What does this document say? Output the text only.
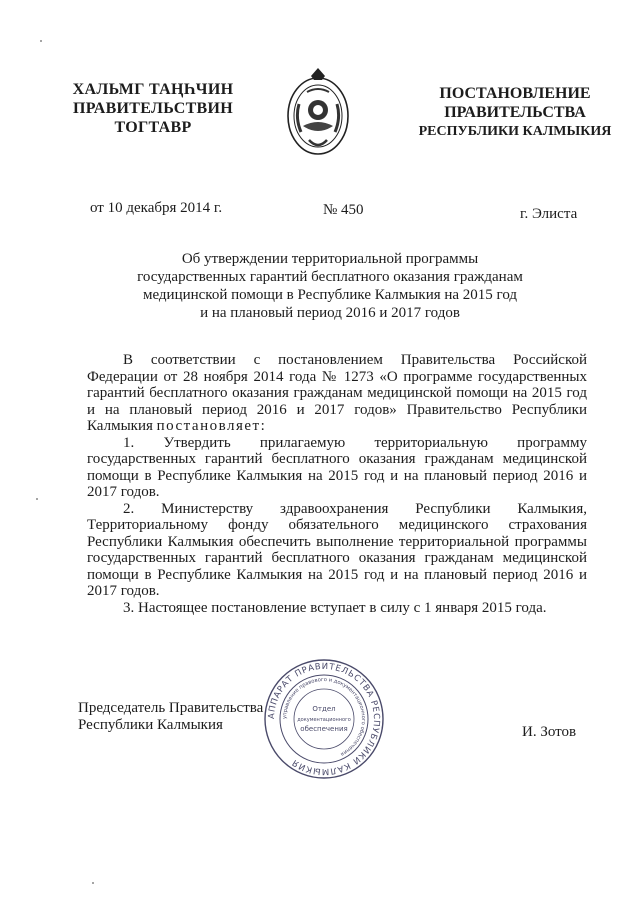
ХАЛЬМГ ТАҢҺЧИН
ПРАВИТЕЛЬСТВИН
ТОГТАВР
ПОСТАНОВЛЕНИЕ
ПРАВИТЕЛЬСТВА
РЕСПУБЛИКИ КАЛМЫКИЯ
от 10 декабря 2014 г.	№ 450	г. Элиста
Об утверждении территориальной программы
государственных гарантий бесплатного оказания гражданам
медицинской помощи в Республике Калмыкия на 2015 год
и на плановый период 2016 и 2017 годов

В соответствии с постановлением Правительства Российской Федерации от 28 ноября 2014 года № 1273 «О программе государственных гарантий бесплатного оказания гражданам медицинской помощи на 2015 год и на плановый период 2016 и 2017 годов» Правительство Республики Калмыкия постановляет:

1. Утвердить прилагаемую территориальную программу государственных гарантий бесплатного оказания гражданам медицинской помощи в Республике Калмыкия на 2015 год и на плановый период 2016 и 2017 годов.

2. Министерству здравоохранения Республики Калмыкия, Территориальному фонду обязательного медицинского страхования Республики Калмыкия обеспечить выполнение территориальной программы государственных гарантий бесплатного оказания гражданам медицинской помощи в Республике Калмыкия на 2015 год и на плановый период 2016 и 2017 годов.

3. Настоящее постановление вступает в силу с 1 января 2015 года.

Председатель Правительства
Республики Калмыкия
АППАРАТ ПРАВИТЕЛЬСТВА РЕСПУБЛИКИ КАЛМЫКИЯ
управление правового и документационного обеспечения
Отдел
документационного
обеспечения	И. Зотов
